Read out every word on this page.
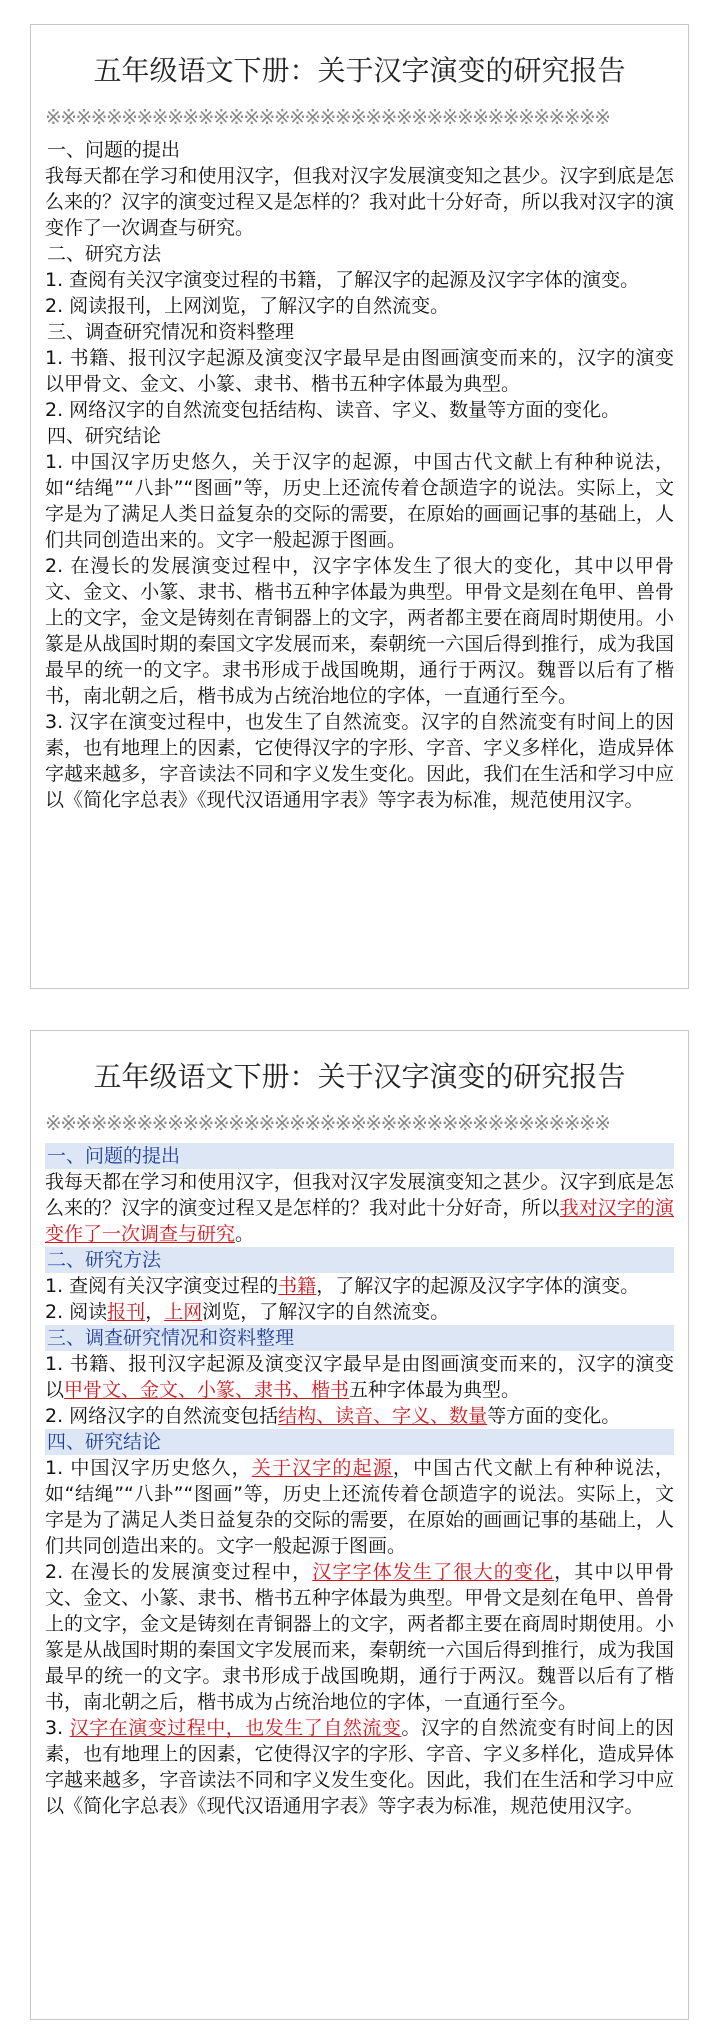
五年级语文下册：关于汉字演变的研究报告
※※※※※※※※※※※※※※※※※※※※※※※※※※※※※※※※※※※※※
一、问题的提出

我每天都在学习和使用汉字，但我对汉字发展演变知之甚少。汉字到底是怎么来的？汉字的演变过程又是怎样的？我对此十分好奇，所以我对汉字的演变作了一次调查与研究。

二、研究方法

1. 查阅有关汉字演变过程的书籍，了解汉字的起源及汉字字体的演变。

2. 阅读报刊，上网浏览，了解汉字的自然流变。

三、调查研究情况和资料整理

1. 书籍、报刊汉字起源及演变汉字最早是由图画演变而来的，汉字的演变以甲骨文、金文、小篆、隶书、楷书五种字体最为典型。

2. 网络汉字的自然流变包括结构、读音、字义、数量等方面的变化。

四、研究结论

1. 中国汉字历史悠久，关于汉字的起源，中国古代文献上有种种说法，如“结绳”“八卦”“图画”等，历史上还流传着仓颉造字的说法。实际上，文字是为了满足人类日益复杂的交际的需要，在原始的画画记事的基础上，人们共同创造出来的。文字一般起源于图画。

2. 在漫长的发展演变过程中，汉字字体发生了很大的变化，其中以甲骨文、金文、小篆、隶书、楷书五种字体最为典型。甲骨文是刻在龟甲、兽骨上的文字，金文是铸刻在青铜器上的文字，两者都主要在商周时期使用。小篆是从战国时期的秦国文字发展而来，秦朝统一六国后得到推行，成为我国最早的统一的文字。隶书形成于战国晚期，通行于两汉。魏晋以后有了楷书，南北朝之后，楷书成为占统治地位的字体，一直通行至今。

3. 汉字在演变过程中，也发生了自然流变。汉字的自然流变有时间上的因素，也有地理上的因素，它使得汉字的字形、字音、字义多样化，造成异体字越来越多，字音读法不同和字义发生变化。因此，我们在生活和学习中应以《简化字总表》《现代汉语通用字表》等字表为标准，规范使用汉字。

五年级语文下册：关于汉字演变的研究报告
※※※※※※※※※※※※※※※※※※※※※※※※※※※※※※※※※※※※※
一、问题的提出

我每天都在学习和使用汉字，但我对汉字发展演变知之甚少。汉字到底是怎么来的？汉字的演变过程又是怎样的？我对此十分好奇，所以我对汉字的演变作了一次调查与研究。

二、研究方法

1. 查阅有关汉字演变过程的书籍，了解汉字的起源及汉字字体的演变。

2. 阅读报刊，上网浏览，了解汉字的自然流变。

三、调查研究情况和资料整理

1. 书籍、报刊汉字起源及演变汉字最早是由图画演变而来的，汉字的演变以甲骨文、金文、小篆、隶书、楷书五种字体最为典型。

2. 网络汉字的自然流变包括结构、读音、字义、数量等方面的变化。

四、研究结论

1. 中国汉字历史悠久，关于汉字的起源，中国古代文献上有种种说法，如“结绳”“八卦”“图画”等，历史上还流传着仓颉造字的说法。实际上，文字是为了满足人类日益复杂的交际的需要，在原始的画画记事的基础上，人们共同创造出来的。文字一般起源于图画。

2. 在漫长的发展演变过程中，汉字字体发生了很大的变化，其中以甲骨文、金文、小篆、隶书、楷书五种字体最为典型。甲骨文是刻在龟甲、兽骨上的文字，金文是铸刻在青铜器上的文字，两者都主要在商周时期使用。小篆是从战国时期的秦国文字发展而来，秦朝统一六国后得到推行，成为我国最早的统一的文字。隶书形成于战国晚期，通行于两汉。魏晋以后有了楷书，南北朝之后，楷书成为占统治地位的字体，一直通行至今。

3. 汉字在演变过程中，也发生了自然流变。汉字的自然流变有时间上的因素，也有地理上的因素，它使得汉字的字形、字音、字义多样化，造成异体字越来越多，字音读法不同和字义发生变化。因此，我们在生活和学习中应以《简化字总表》《现代汉语通用字表》等字表为标准，规范使用汉字。
